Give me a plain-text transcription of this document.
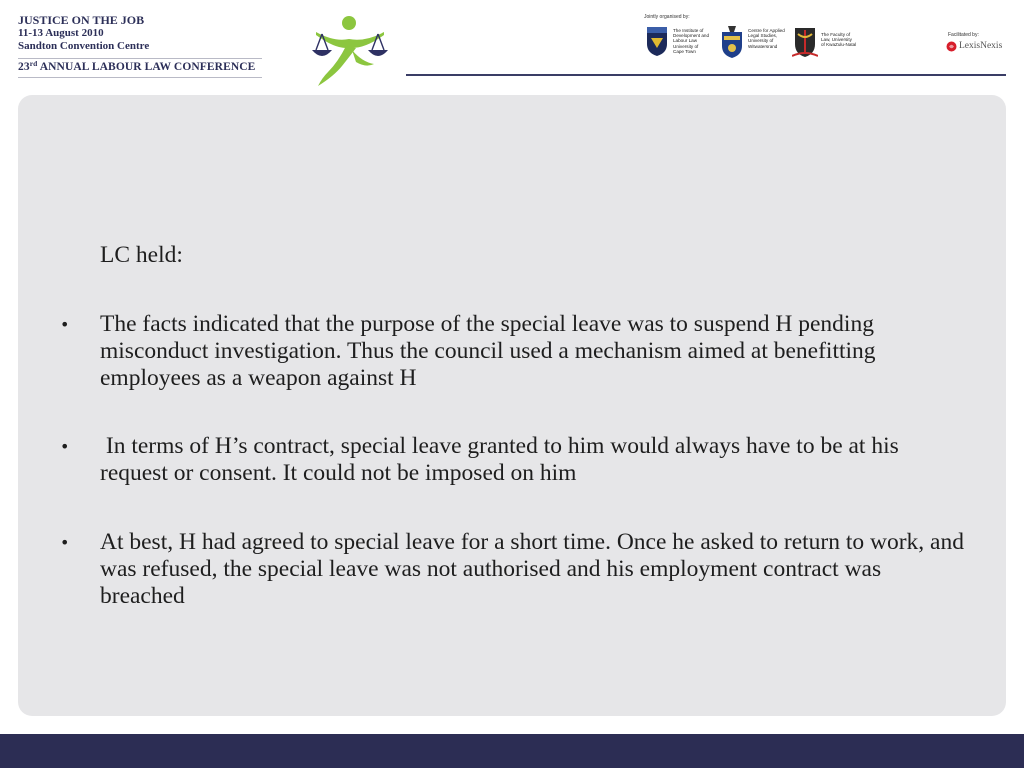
JUSTICE ON THE JOB
11-13 August 2010
Sandton Convention Centre
23rd ANNUAL LABOUR LAW CONFERENCE
Jointly organised by:
The Institute of
Development and
Labour Law
University of
Cape Town
Centre for Applied
Legal Studies,
University of
Witwatersrand
The Faculty of
Law, University
of KwaZulu-Natal
Facilitated by:
LexisNexis
LC held:
• The facts indicated that the purpose of the special leave was to suspend H pending misconduct investigation. Thus the council used a mechanism aimed at benefitting employees as a weapon against H
• In terms of H’s contract, special leave granted to him would always have to be at his request or consent. It could not be imposed on him
• At best, H had agreed to special leave for a short time. Once he asked to return to work, and was refused, the special leave was not authorised and his employment contract was breached
